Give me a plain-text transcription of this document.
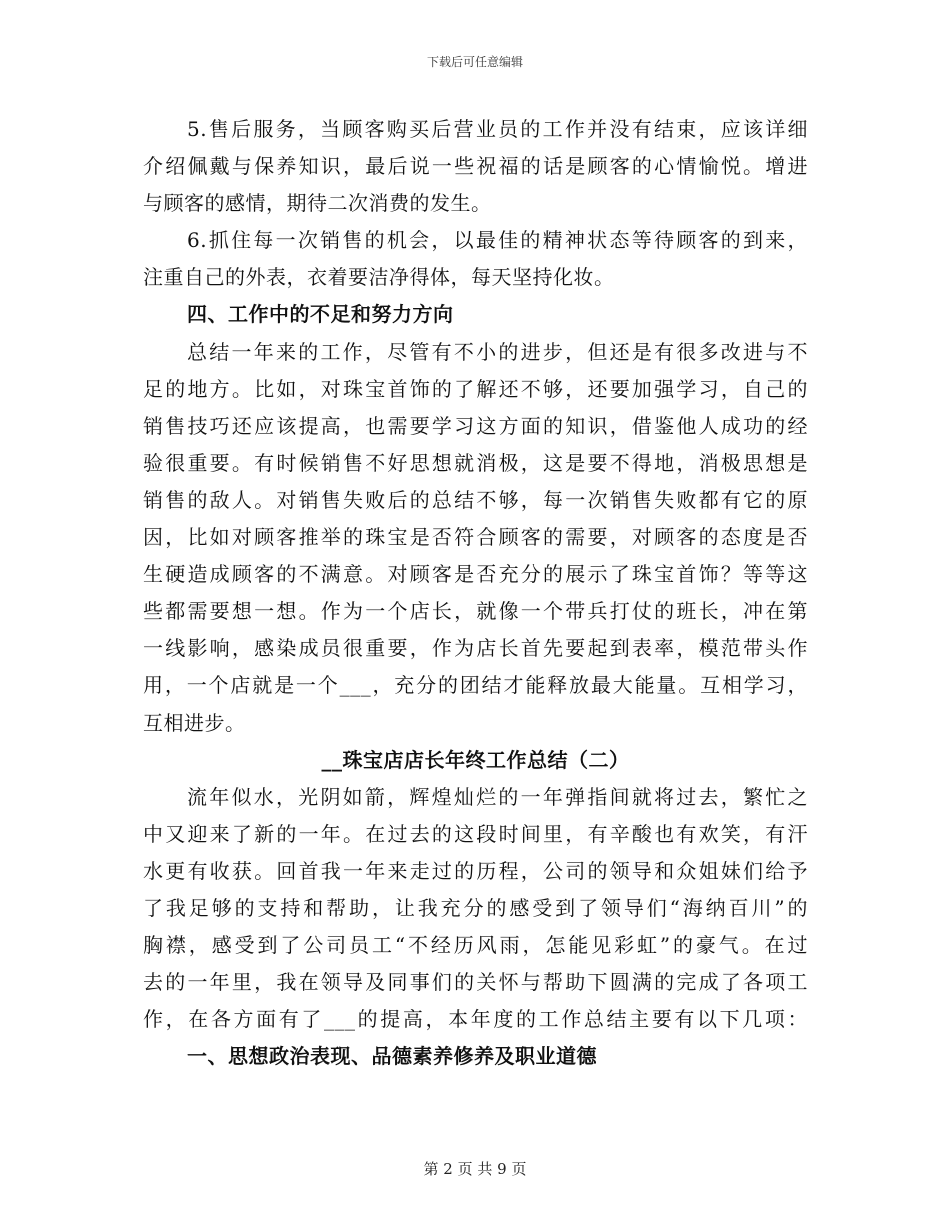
下载后可任意编辑
5.售后服务，当顾客购买后营业员的工作并没有结束，应该详细
介绍佩戴与保养知识，最后说一些祝福的话是顾客的心情愉悦。增进
与顾客的感情，期待二次消费的发生。
6.抓住每一次销售的机会，以最佳的精神状态等待顾客的到来，
注重自己的外表，衣着要洁净得体，每天坚持化妆。
四、工作中的不足和努力方向
总结一年来的工作，尽管有不小的进步，但还是有很多改进与不
足的地方。比如，对珠宝首饰的了解还不够，还要加强学习，自己的
销售技巧还应该提高，也需要学习这方面的知识，借鉴他人成功的经
验很重要。有时候销售不好思想就消极，这是要不得地，消极思想是
销售的敌人。对销售失败后的总结不够，每一次销售失败都有它的原
因，比如对顾客推举的珠宝是否符合顾客的需要，对顾客的态度是否
生硬造成顾客的不满意。对顾客是否充分的展示了珠宝首饰？等等这
些都需要想一想。作为一个店长，就像一个带兵打仗的班长，冲在第
一线影响，感染成员很重要，作为店长首先要起到表率，模范带头作
用，一个店就是一个___，充分的团结才能释放最大能量。互相学习，
互相进步。
__珠宝店店长年终工作总结（二）
流年似水，光阴如箭，辉煌灿烂的一年弹指间就将过去，繁忙之
中又迎来了新的一年。在过去的这段时间里，有辛酸也有欢笑，有汗
水更有收获。回首我一年来走过的历程，公司的领导和众姐妹们给予
了我足够的支持和帮助，让我充分的感受到了领导们“海纳百川”的
胸襟，感受到了公司员工“不经历风雨，怎能见彩虹”的豪气。在过
去的一年里，我在领导及同事们的关怀与帮助下圆满的完成了各项工
作，在各方面有了___的提高，本年度的工作总结主要有以下几项：
一、思想政治表现、品德素养修养及职业道德
第 2 页 共 9 页
